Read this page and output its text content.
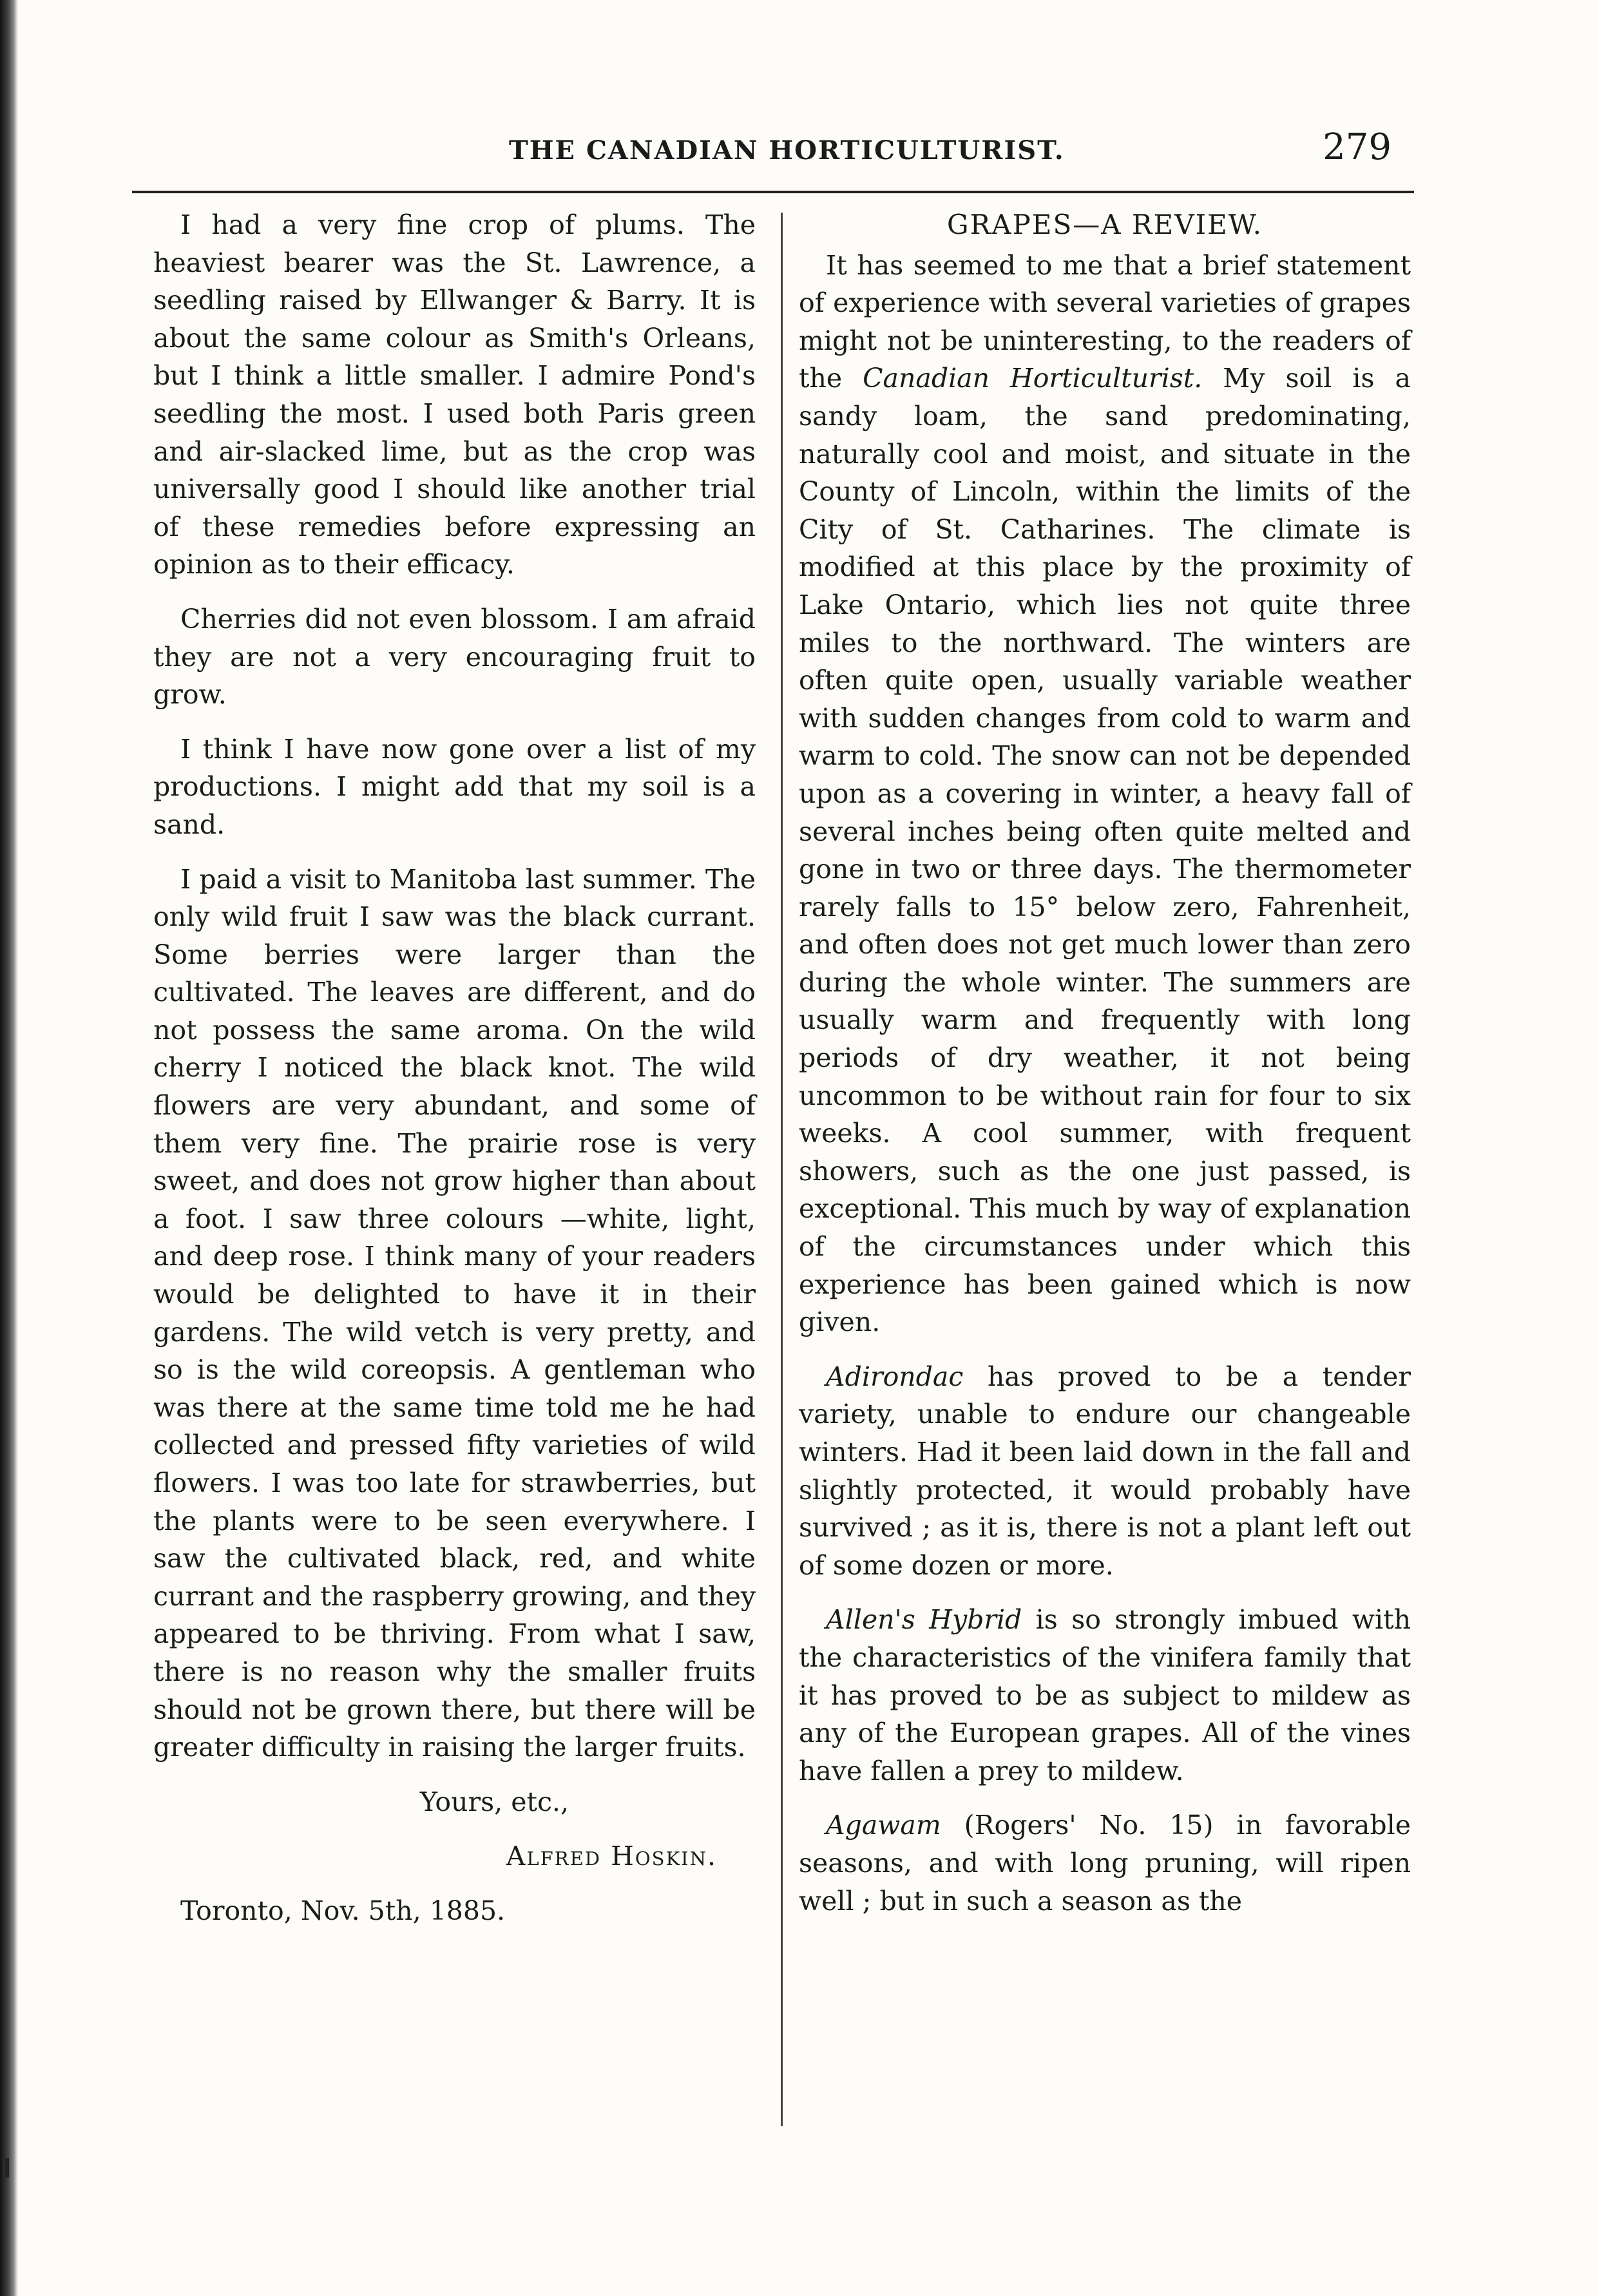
THE CANADIAN HORTICULTURIST.	279

I had a very fine crop of plums. The heaviest bearer was the St. Lawrence, a seedling raised by Ellwanger & Barry. It is about the same colour as Smith's Orleans, but I think a little smaller. I admire Pond's seedling the most. I used both Paris green and air-slacked lime, but as the crop was universally good I should like another trial of these remedies before expressing an opinion as to their efficacy.

Cherries did not even blossom. I am afraid they are not a very encouraging fruit to grow.

I think I have now gone over a list of my productions. I might add that my soil is a sand.

I paid a visit to Manitoba last summer. The only wild fruit I saw was the black currant. Some berries were larger than the cultivated. The leaves are different, and do not possess the same aroma. On the wild cherry I noticed the black knot. The wild flowers are very abundant, and some of them very fine. The prairie rose is very sweet, and does not grow higher than about a foot. I saw three colours —white, light, and deep rose. I think many of your readers would be delighted to have it in their gardens. The wild vetch is very pretty, and so is the wild coreopsis. A gentleman who was there at the same time told me he had collected and pressed fifty varieties of wild flowers. I was too late for strawberries, but the plants were to be seen everywhere. I saw the cultivated black, red, and white currant and the raspberry growing, and they appeared to be thriving. From what I saw, there is no reason why the smaller fruits should not be grown there, but there will be greater difficulty in raising the larger fruits.

Yours, etc.,

Alfred Hoskin.

Toronto, Nov. 5th, 1885.

GRAPES—A REVIEW.

It has seemed to me that a brief statement of experience with several varieties of grapes might not be uninteresting, to the readers of the Canadian Horticulturist. My soil is a sandy loam, the sand predominating, naturally cool and moist, and situate in the County of Lincoln, within the limits of the City of St. Catharines. The climate is modified at this place by the proximity of Lake Ontario, which lies not quite three miles to the northward. The winters are often quite open, usually variable weather with sudden changes from cold to warm and warm to cold. The snow can not be depended upon as a covering in winter, a heavy fall of several inches being often quite melted and gone in two or three days. The thermometer rarely falls to 15° below zero, Fahrenheit, and often does not get much lower than zero during the whole winter. The summers are usually warm and frequently with long periods of dry weather, it not being uncommon to be without rain for four to six weeks. A cool summer, with frequent showers, such as the one just passed, is exceptional. This much by way of explanation of the circumstances under which this experience has been gained which is now given.

Adirondac has proved to be a tender variety, unable to endure our changeable winters. Had it been laid down in the fall and slightly protected, it would probably have survived ; as it is, there is not a plant left out of some dozen or more.

Allen's Hybrid is so strongly imbued with the characteristics of the vinifera family that it has proved to be as subject to mildew as any of the European grapes. All of the vines have fallen a prey to mildew.

Agawam (Rogers' No. 15) in favorable seasons, and with long pruning, will ripen well ; but in such a season as the
